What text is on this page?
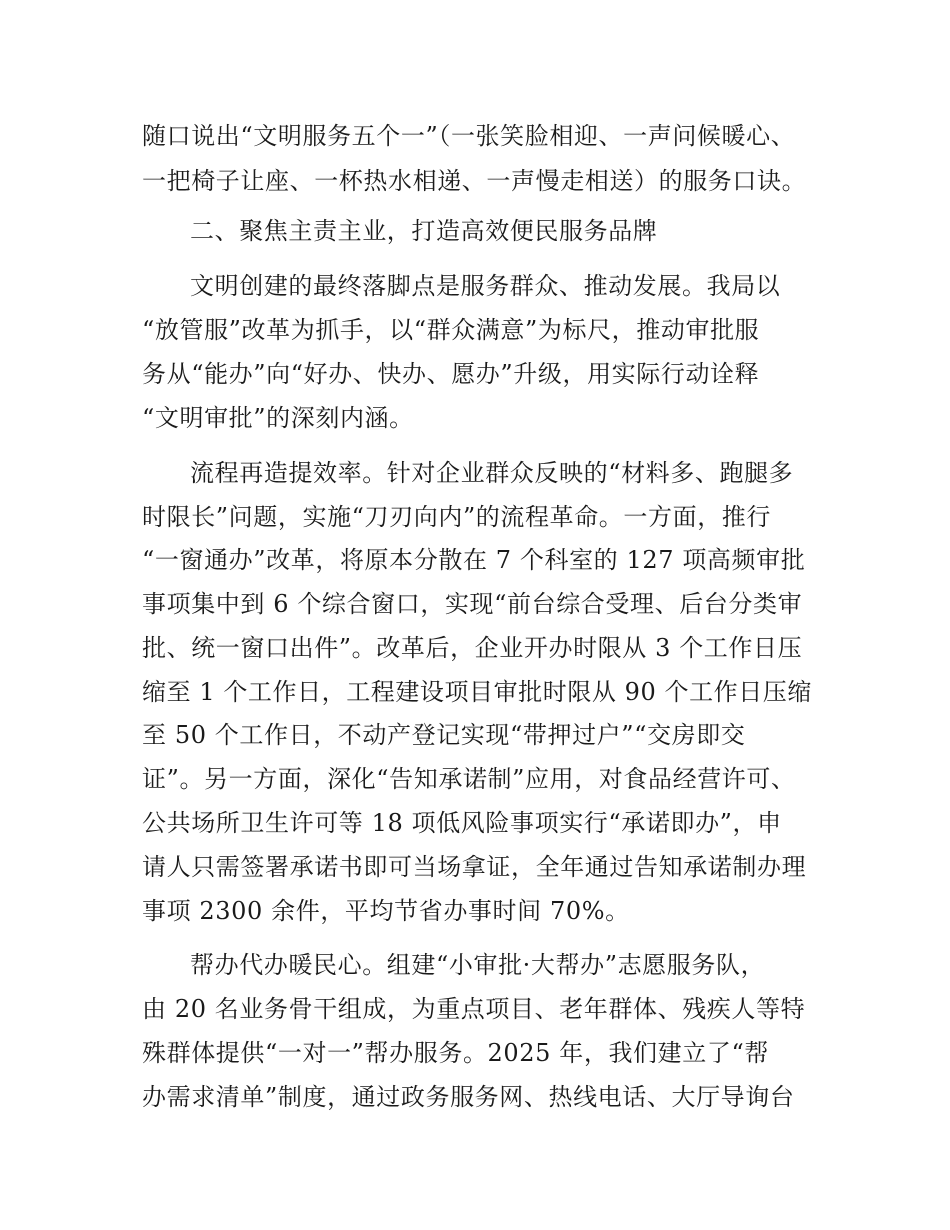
随口说出“文明服务五个一”（一张笑脸相迎、一声问候暖心、

一把椅子让座、一杯热水相递、一声慢走相送）的服务口诀。

二、聚焦主责主业，打造高效便民服务品牌

文明创建的最终落脚点是服务群众、推动发展。我局以

“放管服”改革为抓手，以“群众满意”为标尺，推动审批服

务从“能办”向“好办、快办、愿办”升级，用实际行动诠释

“文明审批”的深刻内涵。

流程再造提效率。针对企业群众反映的“材料多、跑腿多

时限长”问题，实施“刀刃向内”的流程革命。一方面，推行

“一窗通办”改革，将原本分散在 7 个科室的 127 项高频审批

事项集中到 6 个综合窗口，实现“前台综合受理、后台分类审

批、统一窗口出件”。改革后，企业开办时限从 3 个工作日压

缩至 1 个工作日，工程建设项目审批时限从 90 个工作日压缩

至 50 个工作日，不动产登记实现“带押过户”“交房即交

证”。另一方面，深化“告知承诺制”应用，对食品经营许可、

公共场所卫生许可等 18 项低风险事项实行“承诺即办”，申

请人只需签署承诺书即可当场拿证，全年通过告知承诺制办理

事项 2300 余件，平均节省办事时间 70%。

帮办代办暖民心。组建“小审批·大帮办”志愿服务队，

由 20 名业务骨干组成，为重点项目、老年群体、残疾人等特

殊群体提供“一对一”帮办服务。2025 年，我们建立了“帮

办需求清单”制度，通过政务服务网、热线电话、大厅导询台
